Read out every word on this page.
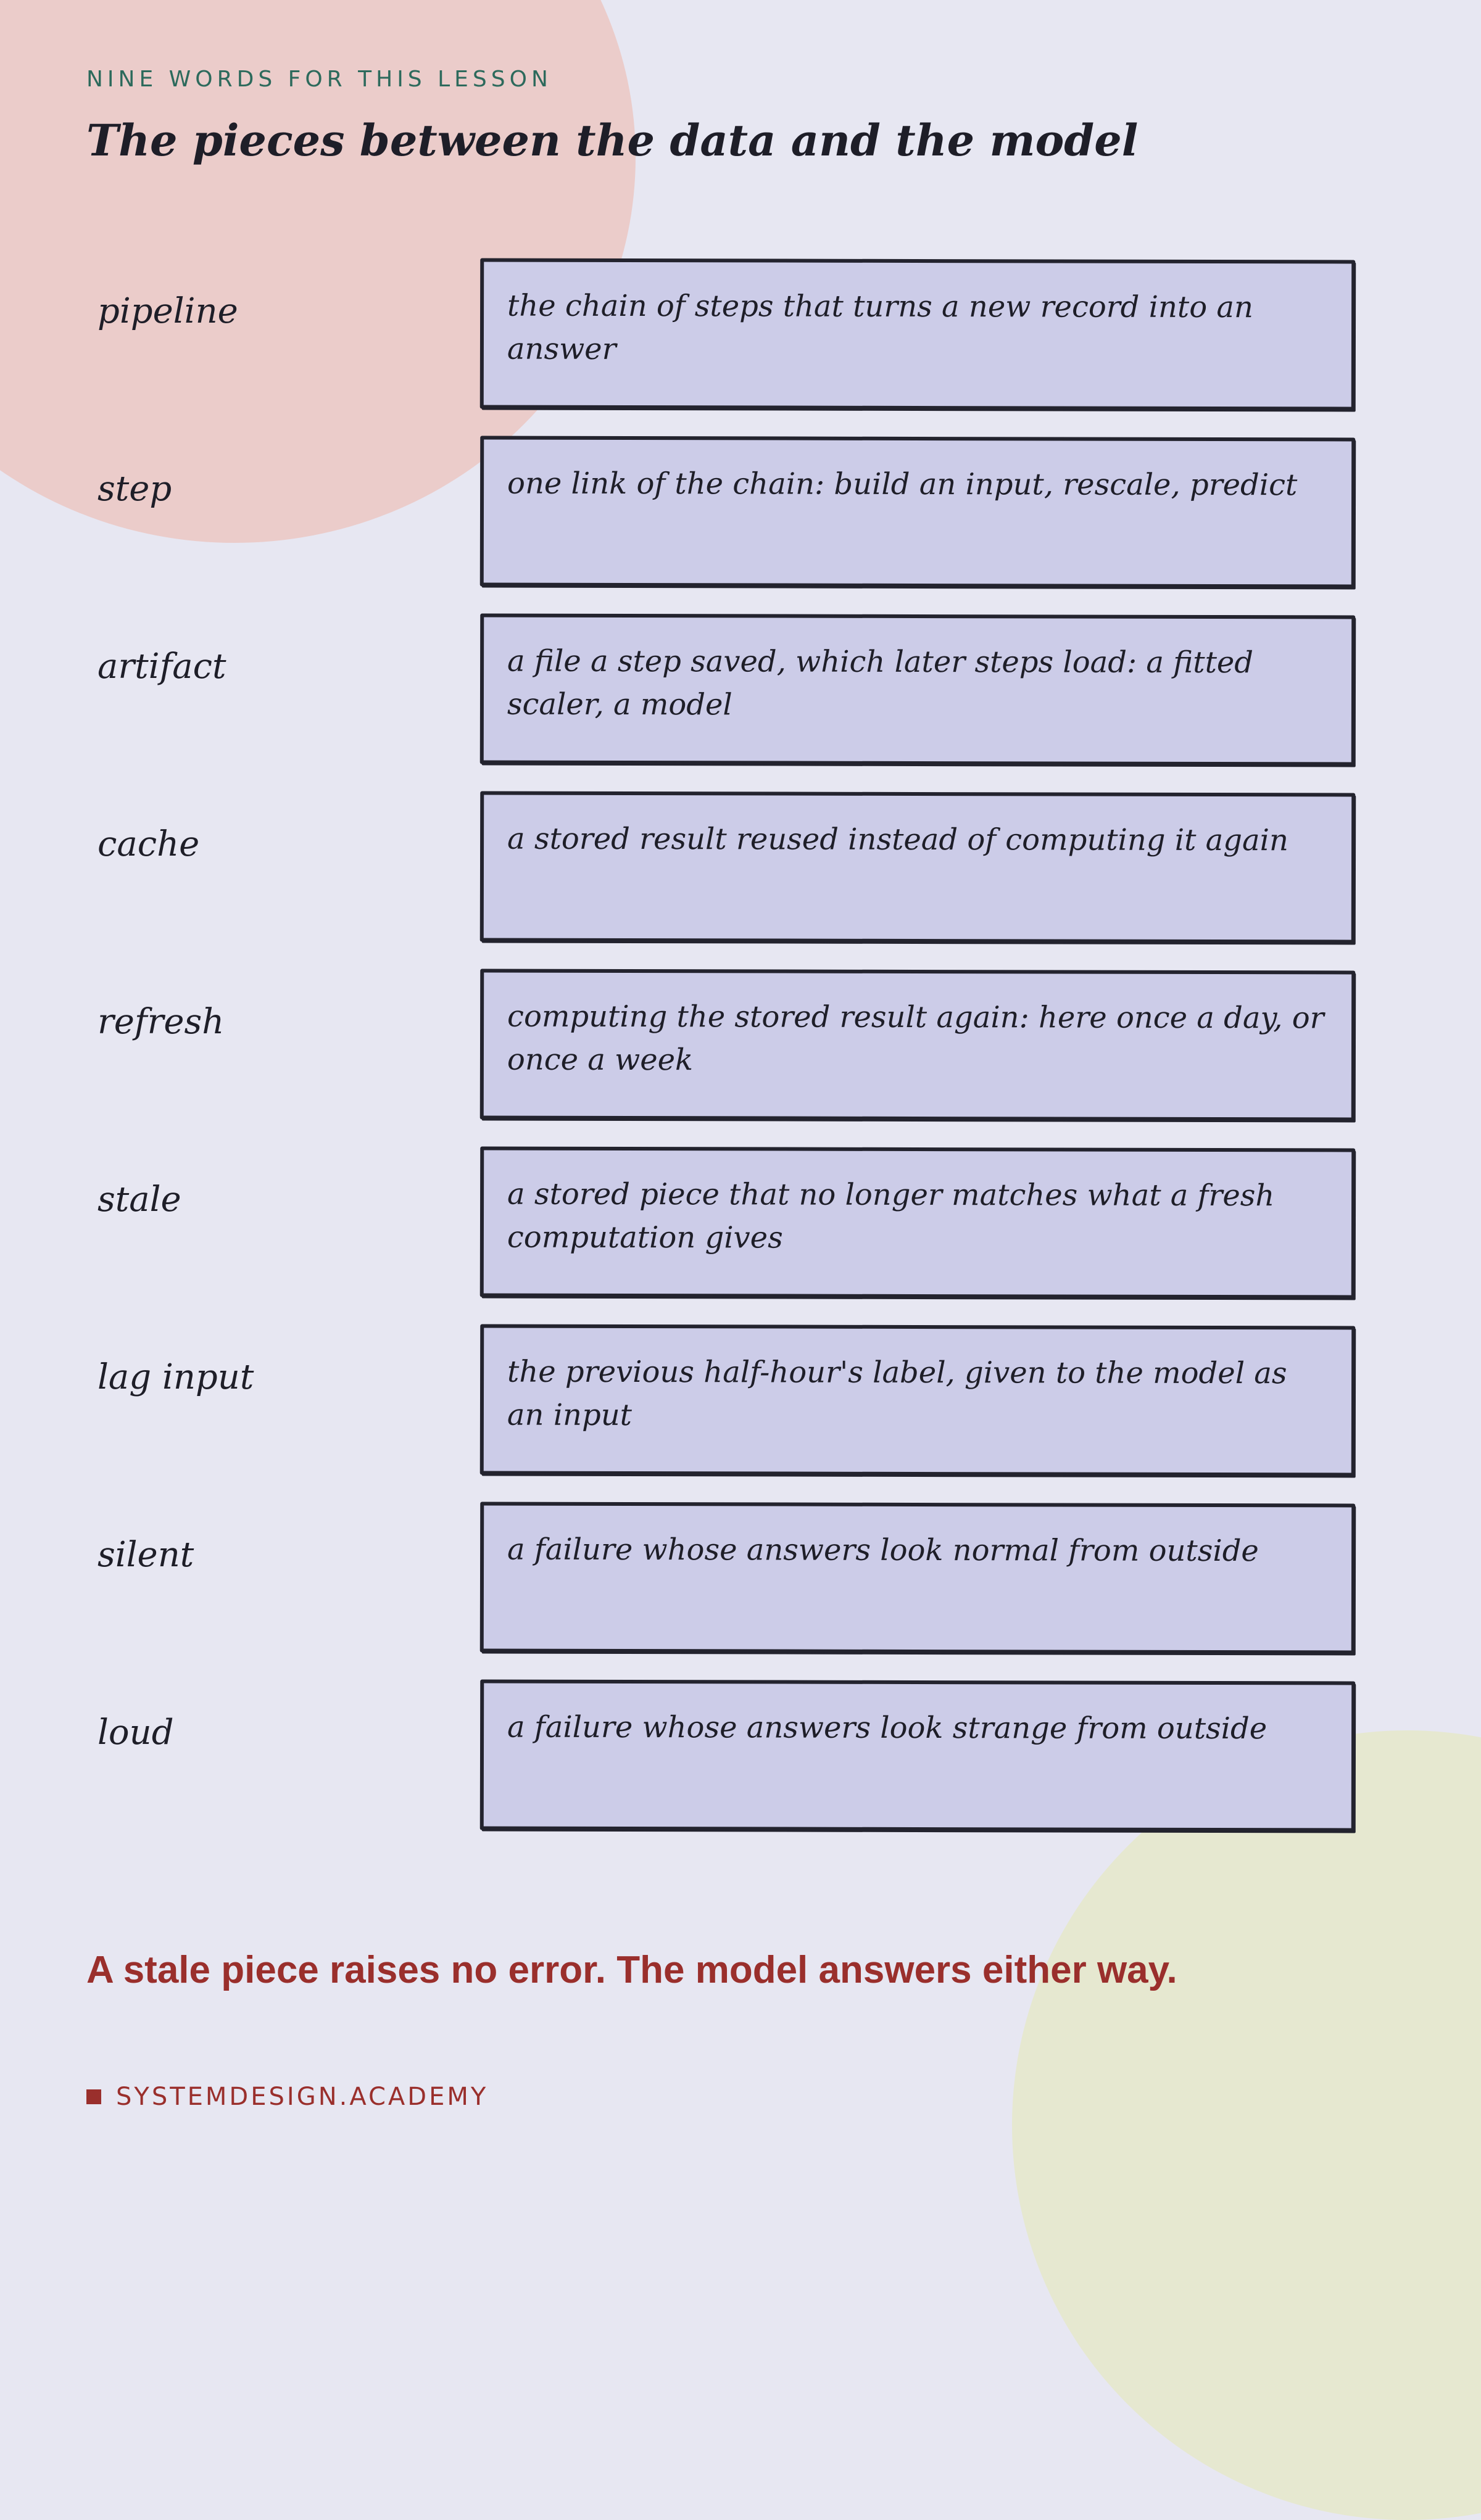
NINE WORDS FOR THIS LESSON
The pieces between the data and the model
pipeline	the chain of steps that turns a new record into an answer
step	one link of the chain: build an input, rescale, predict
artifact	a file a step saved, which later steps load: a fitted scaler, a model
cache	a stored result reused instead of computing it again
refresh	computing the stored result again: here once a day, or once a week
stale	a stored piece that no longer matches what a fresh computation gives
lag input	the previous half-hour's label, given to the model as an input
silent	a failure whose answers look normal from outside
loud	a failure whose answers look strange from outside
A stale piece raises no error. The model answers either way.
SYSTEMDESIGN.ACADEMY
